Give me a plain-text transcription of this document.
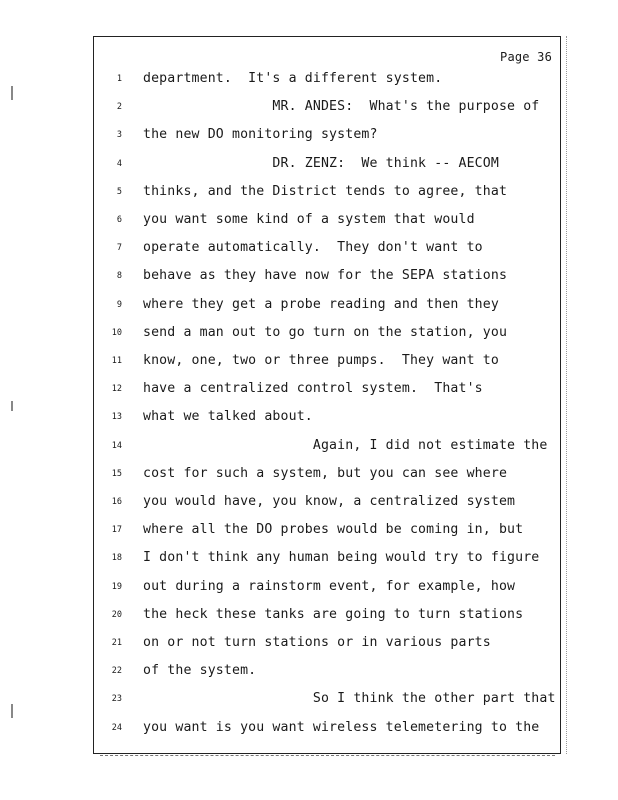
Page 36
1 department.  It's a different system.
2 MR. ANDES:  What's the purpose of
3 the new DO monitoring system?
4 DR. ZENZ:  We think -- AECOM
5 thinks, and the District tends to agree, that
6 you want some kind of a system that would
7 operate automatically.  They don't want to
8 behave as they have now for the SEPA stations
9 where they get a probe reading and then they
10 send a man out to go turn on the station, you
11 know, one, two or three pumps.  They want to
12 have a centralized control system.  That's
13 what we talked about.
14 Again, I did not estimate the
15 cost for such a system, but you can see where
16 you would have, you know, a centralized system
17 where all the DO probes would be coming in, but
18 I don't think any human being would try to figure
19 out during a rainstorm event, for example, how
20 the heck these tanks are going to turn stations
21 on or not turn stations or in various parts
22 of the system.
23 So I think the other part that
24 you want is you want wireless telemetering to the
